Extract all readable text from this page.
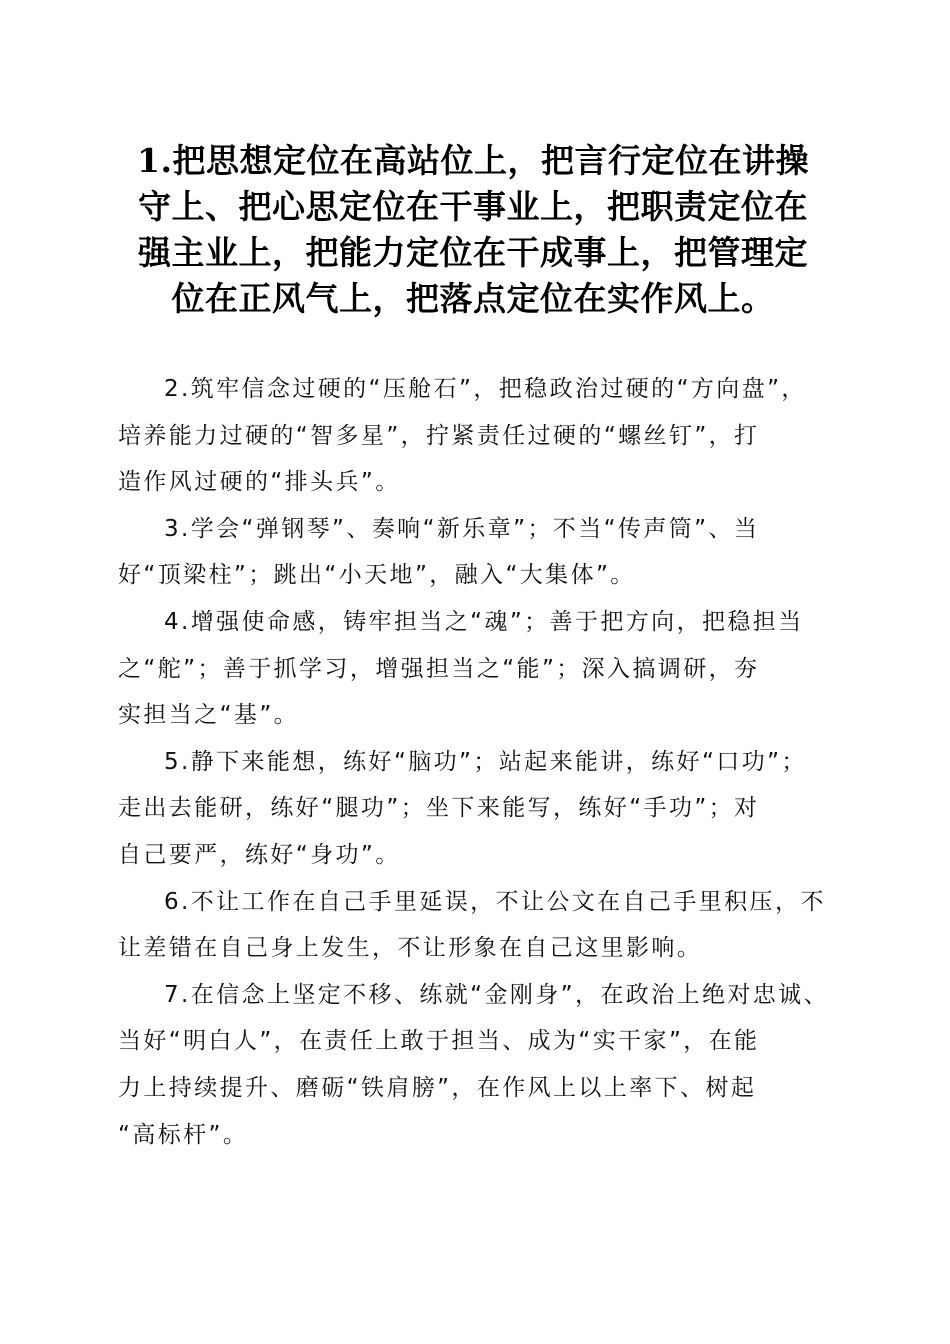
1.把思想定位在高站位上，把言行定位在讲操
守上、把心思定位在干事业上，把职责定位在
强主业上，把能力定位在干成事上，把管理定
位在正风气上，把落点定位在实作风上。
2.筑牢信念过硬的“压舱石”，把稳政治过硬的“方向盘”，
培养能力过硬的“智多星”，拧紧责任过硬的“螺丝钉”，打
造作风过硬的“排头兵”。
3.学会“弹钢琴”、奏响“新乐章”；不当“传声筒”、当
好“顶梁柱”；跳出“小天地”，融入“大集体”。
4.增强使命感，铸牢担当之“魂”；善于把方向，把稳担当
之“舵”；善于抓学习，增强担当之“能”；深入搞调研，夯
实担当之“基”。
5.静下来能想，练好“脑功”；站起来能讲，练好“口功”；
走出去能研，练好“腿功”；坐下来能写，练好“手功”；对
自己要严，练好“身功”。
6.不让工作在自己手里延误，不让公文在自己手里积压，不
让差错在自己身上发生，不让形象在自己这里影响。
7.在信念上坚定不移、练就“金刚身”，在政治上绝对忠诚、
当好“明白人”，在责任上敢于担当、成为“实干家”，在能
力上持续提升、磨砺“铁肩膀”，在作风上以上率下、树起
“高标杆”。
